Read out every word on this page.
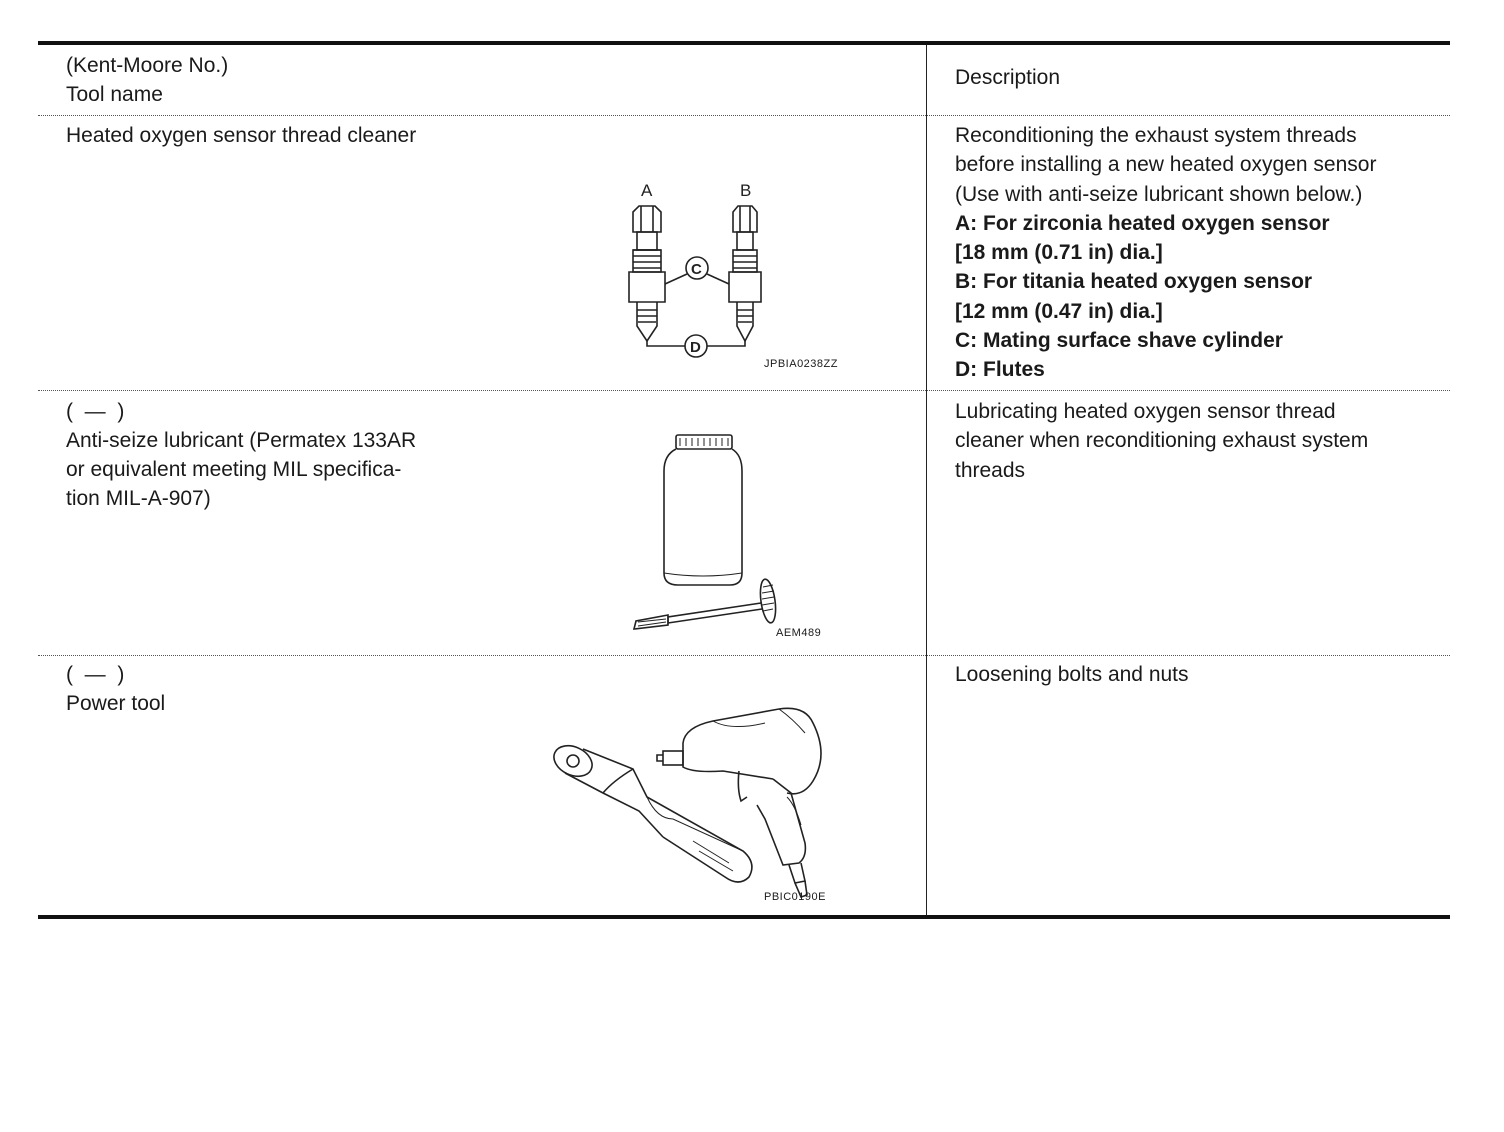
(Kent-Moore No.)
Tool name
Description
Heated oxygen sensor thread cleaner	Reconditioning the exhaust system threads
before installing a new heated oxygen sensor
(Use with anti-seize lubricant shown below.)
A: For zirconia heated oxygen sensor
[18 mm (0.71 in) dia.]
B: For titania heated oxygen sensor
[12 mm (0.47 in) dia.]
C: Mating surface shave cylinder
D: Flutes
A	B
C
D
JPBIA0238ZZ
(  —  )
Anti-seize lubricant (Permatex 133AR
or equivalent meeting MIL specifica-
tion MIL-A-907)
Lubricating heated oxygen sensor thread
cleaner when reconditioning exhaust system
threads
AEM489
(  —  )
Power tool
Loosening bolts and nuts
PBIC0190E
